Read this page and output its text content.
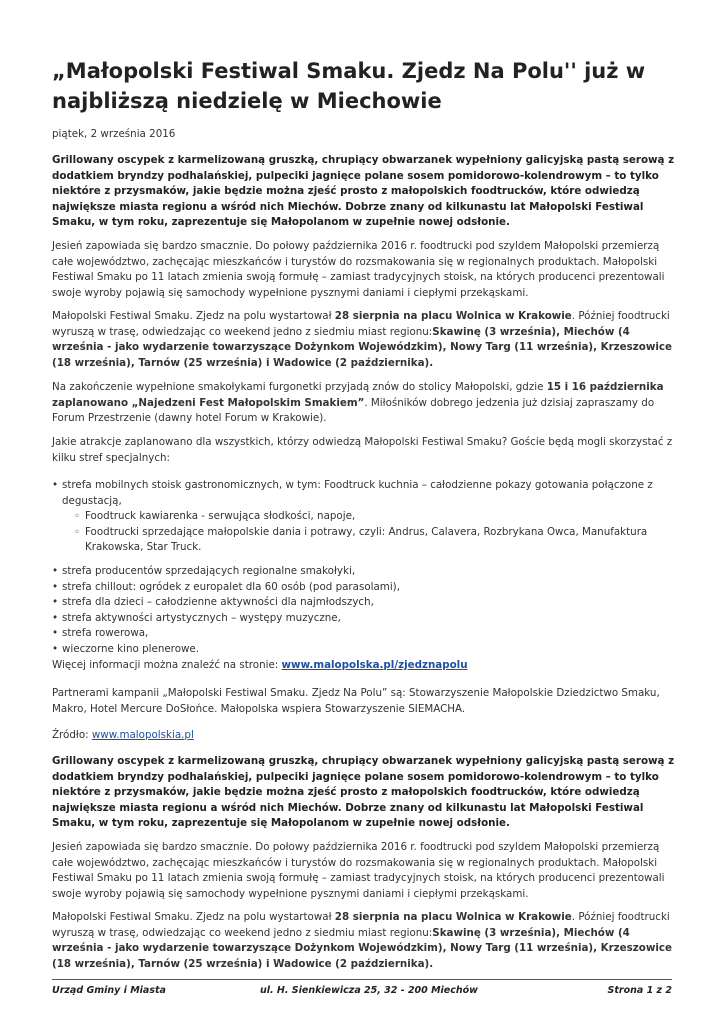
„Małopolski Festiwal Smaku. Zjedz Na Polu'' już w najbliższą niedzielę w Miechowie
piątek, 2 września 2016
Grillowany oscypek z karmelizowaną gruszką, chrupiący obwarzanek wypełniony galicyjską pastą serową z dodatkiem bryndzy podhalańskiej, pulpeciki jagnięce polane sosem pomidorowo-kolendrowym – to tylko niektóre z przysmaków, jakie będzie można zjeść prosto z małopolskich foodtrucków, które odwiedzą największe miasta regionu a wśród nich Miechów. Dobrze znany od kilkunastu lat Małopolski Festiwal Smaku, w tym roku, zaprezentuje się Małopolanom w zupełnie nowej odsłonie.
Jesień zapowiada się bardzo smacznie. Do połowy października 2016 r. foodtrucki pod szyldem Małopolski przemierzą całe województwo, zachęcając mieszkańców i turystów do rozsmakowania się w regionalnych produktach. Małopolski Festiwal Smaku po 11 latach zmienia swoją formułę – zamiast tradycyjnych stoisk, na których producenci prezentowali swoje wyroby pojawią się samochody wypełnione pysznymi daniami i ciepłymi przekąskami.
Małopolski Festiwal Smaku. Zjedz na polu wystartował 28 sierpnia na placu Wolnica w Krakowie. Później foodtrucki wyruszą w trasę, odwiedzając co weekend jedno z siedmiu miast regionu:Skawinę (3 września), Miechów (4 września - jako wydarzenie towarzyszące Dożynkom Wojewódzkim), Nowy Targ (11 września), Krzeszowice (18 września), Tarnów (25 września) i Wadowice (2 października).
Na zakończenie wypełnione smakołykami furgonetki przyjadą znów do stolicy Małopolski, gdzie 15 i 16 października zaplanowano „Najedzeni Fest Małopolskim Smakiem”. Miłośników dobrego jedzenia już dzisiaj zapraszamy do Forum Przestrzenie (dawny hotel Forum w Krakowie).
Jakie atrakcje zaplanowano dla wszystkich, którzy odwiedzą Małopolski Festiwal Smaku? Goście będą mogli skorzystać z kilku stref specjalnych:
• strefa mobilnych stoisk gastronomicznych, w tym: Foodtruck kuchnia – całodzienne pokazy gotowania połączone z degustacją,
◦ Foodtruck kawiarenka - serwująca słodkości, napoje,
◦ Foodtrucki sprzedające małopolskie dania i potrawy, czyli: Andrus, Calavera, Rozbrykana Owca, Manufaktura Krakowska, Star Truck.
• strefa producentów sprzedających regionalne smakołyki,
• strefa chillout: ogródek z europalet dla 60 osób (pod parasolami),
• strefa dla dzieci – całodzienne aktywności dla najmłodszych,
• strefa aktywności artystycznych – występy muzyczne,
• strefa rowerowa,
• wieczorne kino plenerowe.
Więcej informacji można znaleźć na stronie: www.malopolska.pl/zjedznapolu
Partnerami kampanii „Małopolski Festiwal Smaku. Zjedz Na Polu” są: Stowarzyszenie Małopolskie Dziedzictwo Smaku, Makro, Hotel Mercure DoSłońce. Małopolska wspiera Stowarzyszenie SIEMACHA.
Źródło: www.malopolskia.pl
Grillowany oscypek z karmelizowaną gruszką, chrupiący obwarzanek wypełniony galicyjską pastą serową z dodatkiem bryndzy podhalańskiej, pulpeciki jagnięce polane sosem pomidorowo-kolendrowym – to tylko niektóre z przysmaków, jakie będzie można zjeść prosto z małopolskich foodtrucków, które odwiedzą największe miasta regionu a wśród nich Miechów. Dobrze znany od kilkunastu lat Małopolski Festiwal Smaku, w tym roku, zaprezentuje się Małopolanom w zupełnie nowej odsłonie.
Jesień zapowiada się bardzo smacznie. Do połowy października 2016 r. foodtrucki pod szyldem Małopolski przemierzą całe województwo, zachęcając mieszkańców i turystów do rozsmakowania się w regionalnych produktach. Małopolski Festiwal Smaku po 11 latach zmienia swoją formułę – zamiast tradycyjnych stoisk, na których producenci prezentowali swoje wyroby pojawią się samochody wypełnione pysznymi daniami i ciepłymi przekąskami.
Małopolski Festiwal Smaku. Zjedz na polu wystartował 28 sierpnia na placu Wolnica w Krakowie. Później foodtrucki wyruszą w trasę, odwiedzając co weekend jedno z siedmiu miast regionu:Skawinę (3 września), Miechów (4 września - jako wydarzenie towarzyszące Dożynkom Wojewódzkim), Nowy Targ (11 września), Krzeszowice (18 września), Tarnów (25 września) i Wadowice (2 października).
Urząd Gminy i Miasta	ul. H. Sienkiewicza 25, 32 - 200 Miechów	Strona 1 z 2
